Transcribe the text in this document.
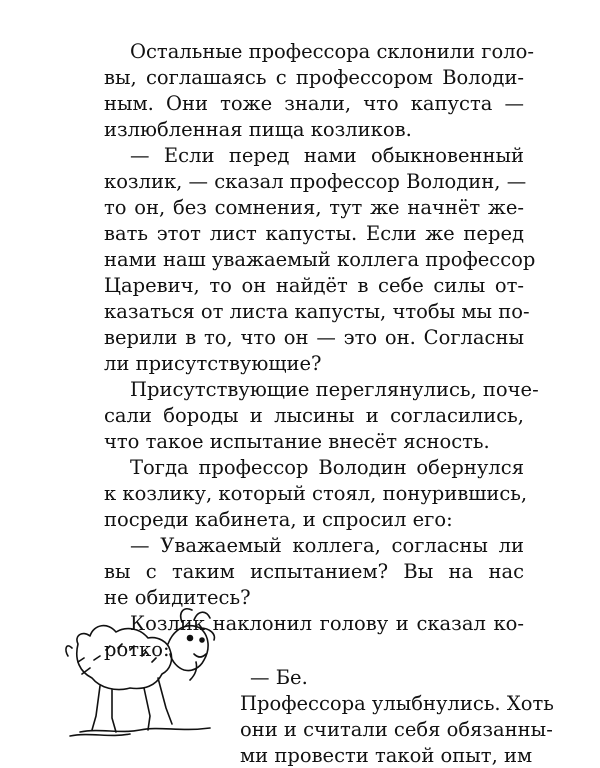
Остальные профессора склонили голо-
вы, соглашаясь с профессором Володи-
ным. Они тоже знали, что капуста —
излюбленная пища козликов.
— Если перед нами обыкновенный
козлик, — сказал профессор Володин, —
то он, без сомнения, тут же начнёт же-
вать этот лист капусты. Если же перед
нами наш уважаемый коллега профессор
Царевич, то он найдёт в себе силы от-
казаться от листа капусты, чтобы мы по-
верили в то, что он — это он. Согласны
ли присутствующие?
Присутствующие переглянулись, поче-
сали бороды и лысины и согласились,
что такое испытание внесёт ясность.
Тогда профессор Володин обернулся
к козлику, который стоял, понурившись,
посреди кабинета, и спросил его:
— Уважаемый коллега, согласны ли
вы с таким испытанием? Вы на нас
не обидитесь?
Козлик наклонил голову и сказал ко-
ротко:
— Бе.
Профессора улыбнулись. Хоть
они и считали себя обязанны-
ми провести такой опыт, им
